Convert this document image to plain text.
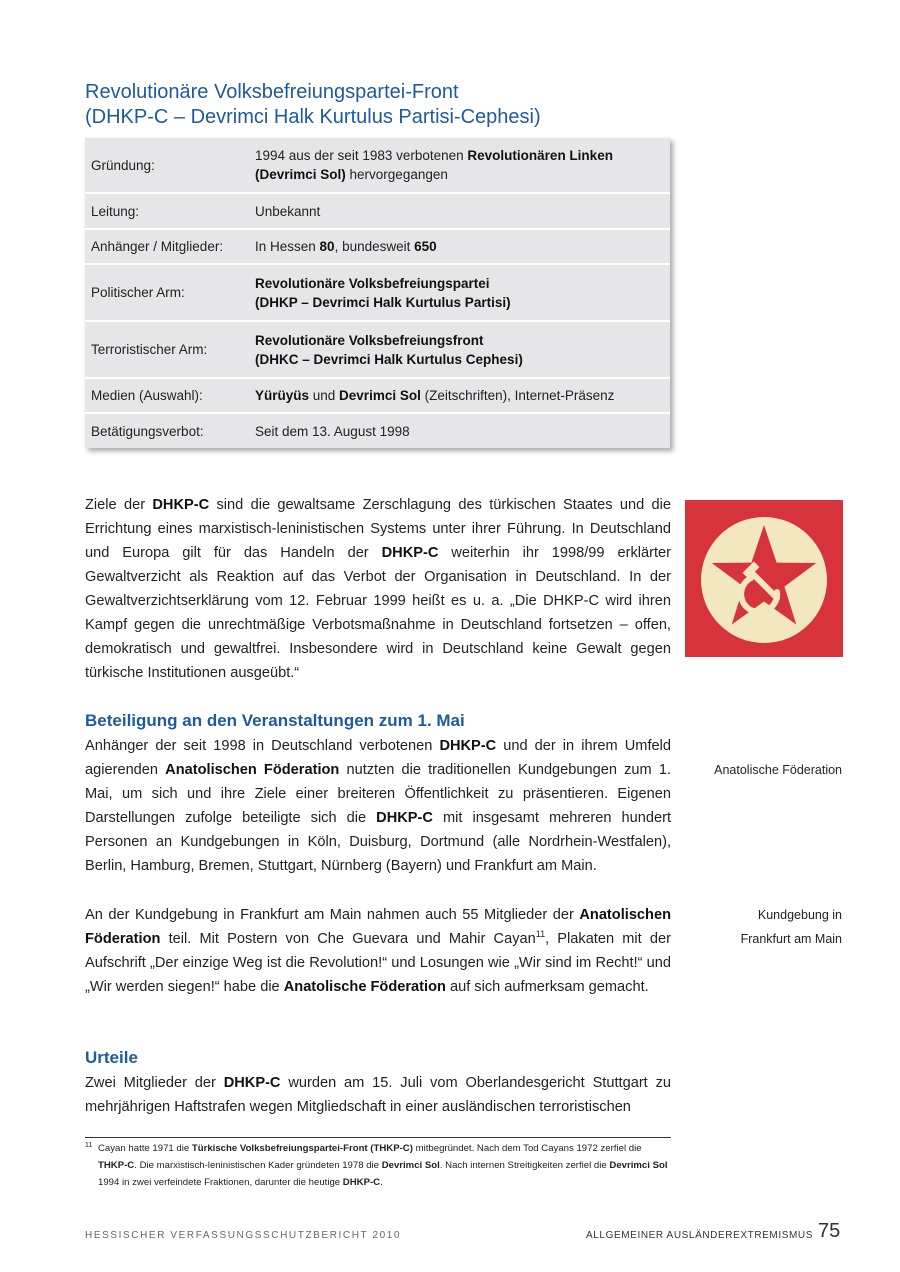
Revolutionäre Volksbefreiungspartei-Front
(DHKP-C – Devrimci Halk Kurtulus Partisi-Cephesi)
Gründung:	1994 aus der seit 1983 verbotenen Revolutionären Linken (Devrimci Sol) hervorgegangen
Leitung:	Unbekannt
Anhänger / Mitglieder:	In Hessen 80, bundesweit 650
Politischer Arm:	Revolutionäre Volksbefreiungspartei
(DHKP – Devrimci Halk Kurtulus Partisi)
Terroristischer Arm:	Revolutionäre Volksbefreiungsfront
(DHKC – Devrimci Halk Kurtulus Cephesi)
Medien (Auswahl):	Yürüyüs und Devrimci Sol (Zeitschriften), Internet-Präsenz
Betätigungsverbot:	Seit dem 13. August 1998

Ziele der DHKP-C sind die gewaltsame Zerschlagung des türkischen Staates und die Errichtung eines marxistisch-leninistischen Systems unter ihrer Führung. In Deutschland und Europa gilt für das Handeln der DHKP-C weiterhin ihr 1998/99 erklärter Gewaltverzicht als Reaktion auf das Verbot der Organisation in Deutschland. In der Gewaltverzichtserklärung vom 12. Februar 1999 heißt es u. a. „Die DHKP-C wird ihren Kampf gegen die unrechtmäßige Verbotsmaßnahme in Deutschland fortsetzen – offen, demokratisch und gewaltfrei. Insbesondere wird in Deutschland keine Gewalt gegen türkische Institutionen ausgeübt.“

Beteiligung an den Veranstaltungen zum 1. Mai

Anhänger der seit 1998 in Deutschland verbotenen DHKP-C und der in ihrem Umfeld agierenden Anatolischen Föderation nutzten die traditionellen Kundgebungen zum 1. Mai, um sich und ihre Ziele einer breiteren Öffentlichkeit zu präsentieren. Eigenen Darstellungen zufolge beteiligte sich die DHKP-C mit insgesamt mehreren hundert Personen an Kundgebungen in Köln, Duisburg, Dortmund (alle Nordrhein-Westfalen), Berlin, Hamburg, Bremen, Stuttgart, Nürnberg (Bayern) und Frankfurt am Main.

Anatolische Föderation

An der Kundgebung in Frankfurt am Main nahmen auch 55 Mitglieder der Anatolischen Föderation teil. Mit Postern von Che Guevara und Mahir Cayan$^{11}$, Plakaten mit der Aufschrift „Der einzige Weg ist die Revolution!“ und Losungen wie „Wir sind im Recht!“ und „Wir werden siegen!“ habe die Anatolische Föderation auf sich aufmerksam gemacht.

Kundgebung in
Frankfurt am Main
Urteile

Zwei Mitglieder der DHKP-C wurden am 15. Juli vom Oberlandesgericht Stuttgart zu mehrjährigen Haftstrafen wegen Mitgliedschaft in einer ausländischen terroristischen

11 Cayan hatte 1971 die Türkische Volksbefreiungspartei-Front (THKP-C) mitbegründet. Nach dem Tod Cayans 1972 zerfiel die THKP-C. Die marxistisch-leninistischen Kader gründeten 1978 die Devrimci Sol. Nach internen Streitigkeiten zerfiel die Devrimci Sol 1994 in zwei verfeindete Fraktionen, darunter die heutige DHKP-C.
HESSISCHER VERFASSUNGSSCHUTZBERICHT 2010	ALLGEMEINER AUSLÄNDEREXTREMISMUS 75
